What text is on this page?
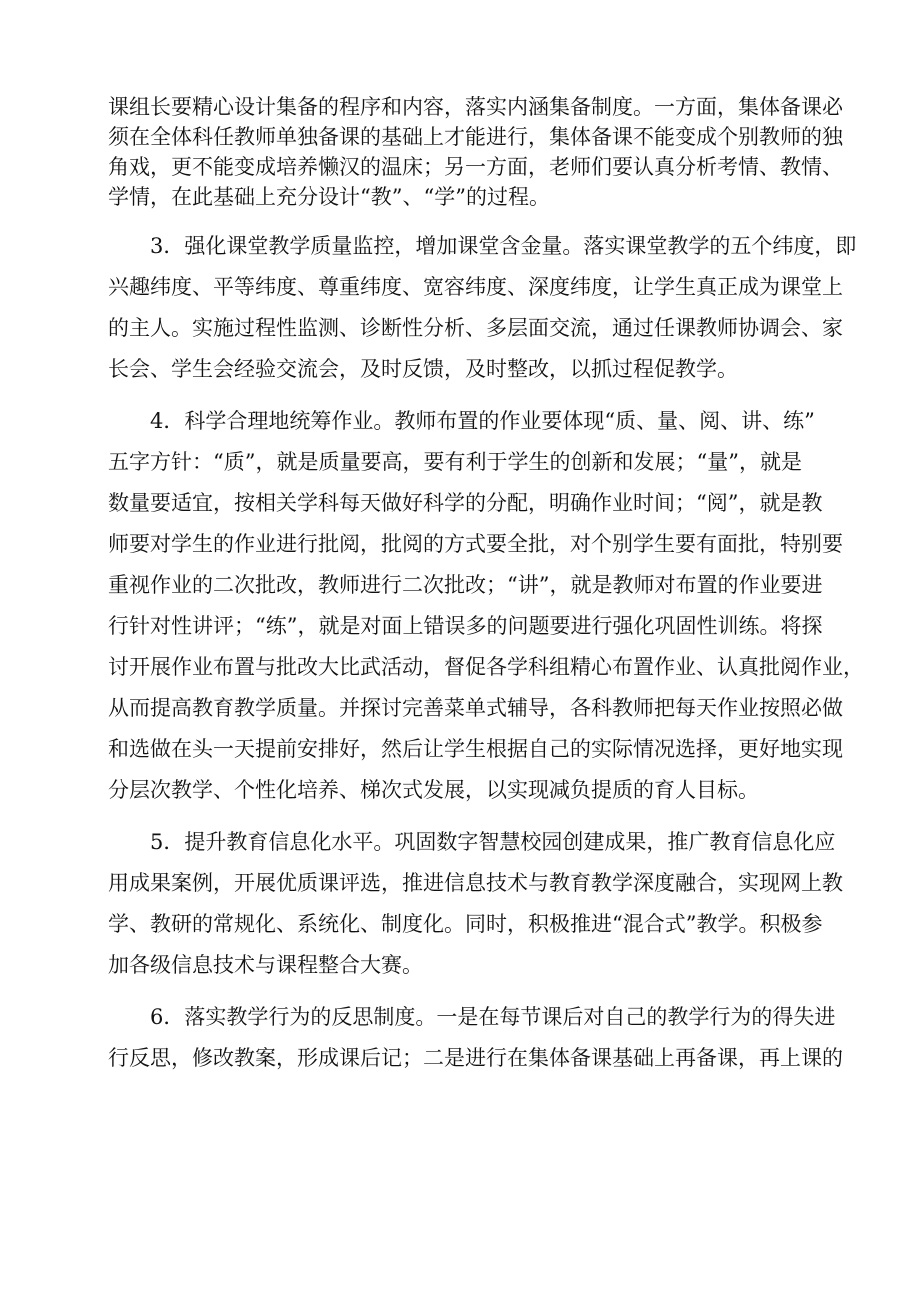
课组长要精心设计集备的程序和内容，落实内涵集备制度。一方面，集体备课必
须在全体科任教师单独备课的基础上才能进行，集体备课不能变成个别教师的独
角戏，更不能变成培养懒汉的温床；另一方面，老师们要认真分析考情、教情、
学情，在此基础上充分设计“教”、“学”的过程。

3．强化课堂教学质量监控，增加课堂含金量。落实课堂教学的五个纬度，即
兴趣纬度、平等纬度、尊重纬度、宽容纬度、深度纬度，让学生真正成为课堂上
的主人。实施过程性监测、诊断性分析、多层面交流，通过任课教师协调会、家
长会、学生会经验交流会，及时反馈，及时整改，以抓过程促教学。

4．科学合理地统筹作业。教师布置的作业要体现“质、量、阅、讲、练”
五字方针：“质”，就是质量要高，要有利于学生的创新和发展；“量”，就是
数量要适宜，按相关学科每天做好科学的分配，明确作业时间；“阅”，就是教
师要对学生的作业进行批阅，批阅的方式要全批，对个别学生要有面批，特别要
重视作业的二次批改，教师进行二次批改；“讲”，就是教师对布置的作业要进
行针对性讲评；“练”，就是对面上错误多的问题要进行强化巩固性训练。将探
讨开展作业布置与批改大比武活动，督促各学科组精心布置作业、认真批阅作业，
从而提高教育教学质量。并探讨完善菜单式辅导，各科教师把每天作业按照必做
和选做在头一天提前安排好，然后让学生根据自己的实际情况选择，更好地实现
分层次教学、个性化培养、梯次式发展，以实现减负提质的育人目标。

5．提升教育信息化水平。巩固数字智慧校园创建成果，推广教育信息化应
用成果案例，开展优质课评选，推进信息技术与教育教学深度融合，实现网上教
学、教研的常规化、系统化、制度化。同时，积极推进“混合式”教学。积极参
加各级信息技术与课程整合大赛。

6．落实教学行为的反思制度。一是在每节课后对自己的教学行为的得失进
行反思，修改教案，形成课后记；二是进行在集体备课基础上再备课，再上课的
